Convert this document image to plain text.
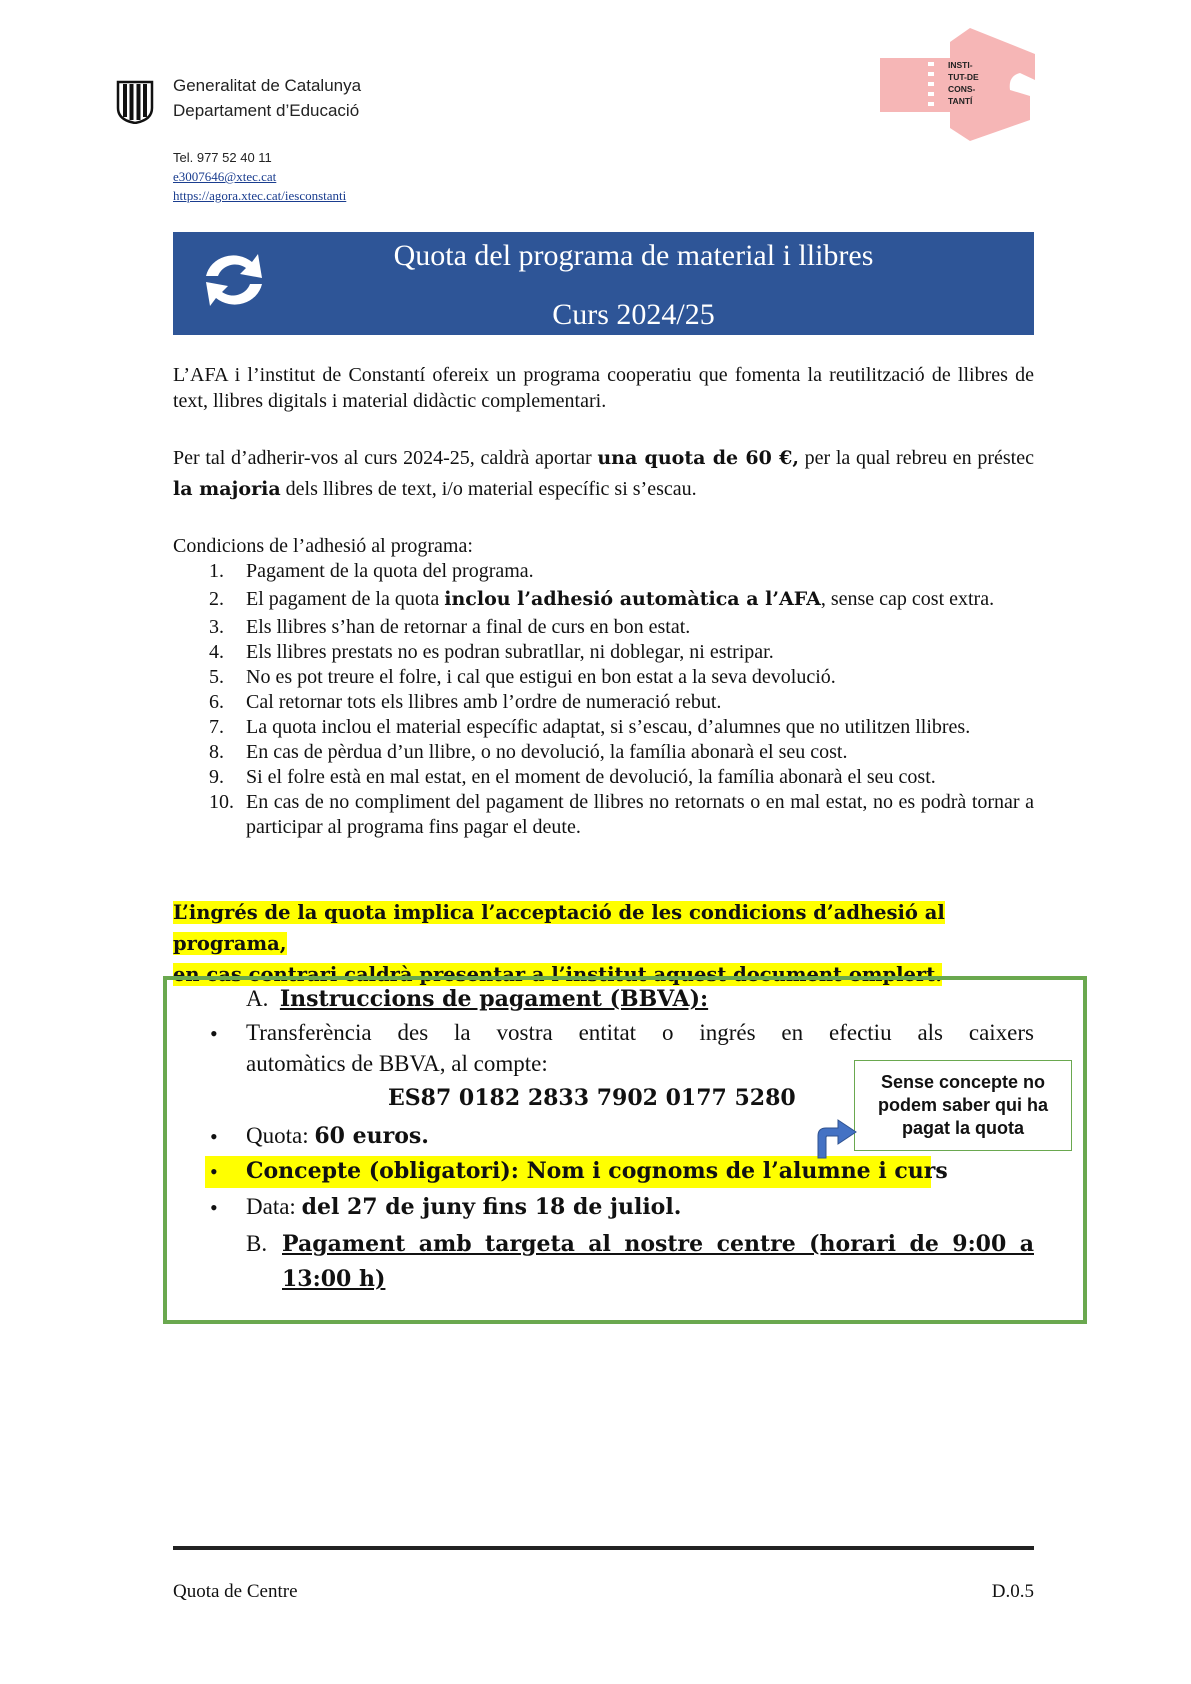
Generalitat de Catalunya
Departament d’Educació
Tel. 977 52 40 11
e3007646@xtec.cat
https://agora.xtec.cat/iesconstanti
INSTI-
TUT-DE
CONS-
TANTÍ
Quota del programa de material i llibres
Curs 2024/25
L’AFA i l’institut de Constantí ofereix un programa cooperatiu que fomenta la reutilització de llibres de text, llibres digitals i material didàctic complementari.
Per tal d’adherir-vos al curs 2024-25, caldrà aportar una quota de 60 €, per la qual rebreu en préstec la majoria dels llibres de text, i/o material específic si s’escau.
Condicions de l’adhesió al programa:
1. Pagament de la quota del programa.
2. El pagament de la quota inclou l’adhesió automàtica a l’AFA, sense cap cost extra.
3. Els llibres s’han de retornar a final de curs en bon estat.
4. Els llibres prestats no es podran subratllar, ni doblegar, ni estripar.
5. No es pot treure el folre, i cal que estigui en bon estat a la seva devolució.
6. Cal retornar tots els llibres amb l’ordre de numeració rebut.
7. La quota inclou el material específic adaptat, si s’escau, d’alumnes que no utilitzen llibres.
8. En cas de pèrdua d’un llibre, o no devolució, la família abonarà el seu cost.
9. Si el folre està en mal estat, en el moment de devolució, la família abonarà el seu cost.
10. En cas de no compliment del pagament de llibres no retornats o en mal estat, no es podrà tornar a participar al programa fins pagar el deute.
L’ingrés de la quota implica l’acceptació de les condicions d’adhesió al programa,
en cas contrari caldrà presentar a l’institut aquest document omplert.
A. Instruccions de pagament (BBVA):
• Transferència des la vostra entitat o ingrés en efectiu als caixers
automàtics de BBVA, al compte:
ES87 0182 2833 7902 0177 5280
• Quota: 60 euros.
• Concepte (obligatori): Nom i cognoms de l’alumne i curs
• Data: del 27 de juny fins 18 de juliol.
B. Pagament amb targeta al nostre centre (horari de 9:00 a
13:00 h)
Sense concepte no podem saber qui ha pagat la quota
Quota de Centre	D.0.5
